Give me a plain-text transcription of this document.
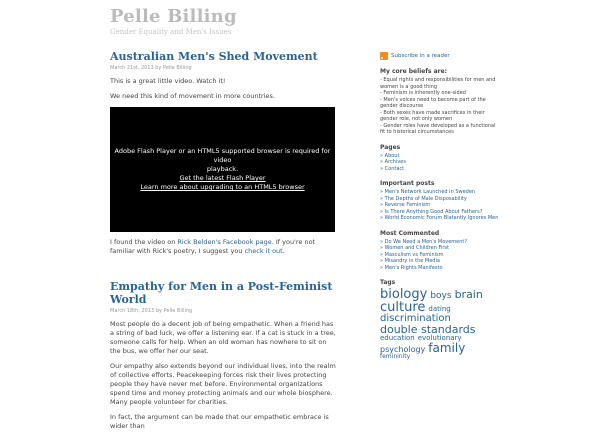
Pelle Billing
Gender Equality and Men's Issues
Australian Men's Shed Movement
March 21st, 2013 by Pelle Billing

This is a great little video. Watch it!

We need this kind of movement in more countries.

Adobe Flash Player or an HTML5 supported browser is required for video
playback.
Get the latest Flash Player
Learn more about upgrading to an HTML5 browser

I found the video on Rick Belden's Facebook page. If you're not familiar with Rick's poetry, I suggest you check it out.

Empathy for Men in a Post-Feminist World
March 18th, 2013 by Pelle Billing

Most people do a decent job of being empathetic. When a friend has a string of bad luck, we offer a listening ear. If a cat is stuck in a tree, someone calls for help. When an old woman has nowhere to sit on the bus, we offer her our seat.

Our empathy also extends beyond our individual lives, into the realm of collective efforts. Peacekeeping forces risk their lives protecting people they have never met before. Environmental organizations spend time and money protecting animals and our whole biosphere. Many people volunteer for charities.

In fact, the argument can be made that our empathetic embrace is wider than

Subscribe in a reader
My core beliefs are:
- Equal rights and responsibilities for men and women is a good thing
- Feminism is inherently one-sided
- Men's voices need to become part of the gender discourse
- Both sexes have made sacrifices in their gender role, not only women
- Gender roles have developed as a functional fit to historical circumstances
Pages
» About
» Archives
» Contact
Important posts
» Men's Network Launched in Sweden
» The Depths of Male Disposability
» Reverse Feminism
» Is There Anything Good About Fathers?
» World Economic Forum Blatantly Ignores Men
Most Commented
» Do We Need a Men's Movement?
» Women and Children First
» Masculism vs Feminism
» Misandry in the Media
» Men's Rights Manifesto
Tags
biology boys brainculture datingdiscriminationdouble standardseducation evolutionarypsychology familyfemininity
